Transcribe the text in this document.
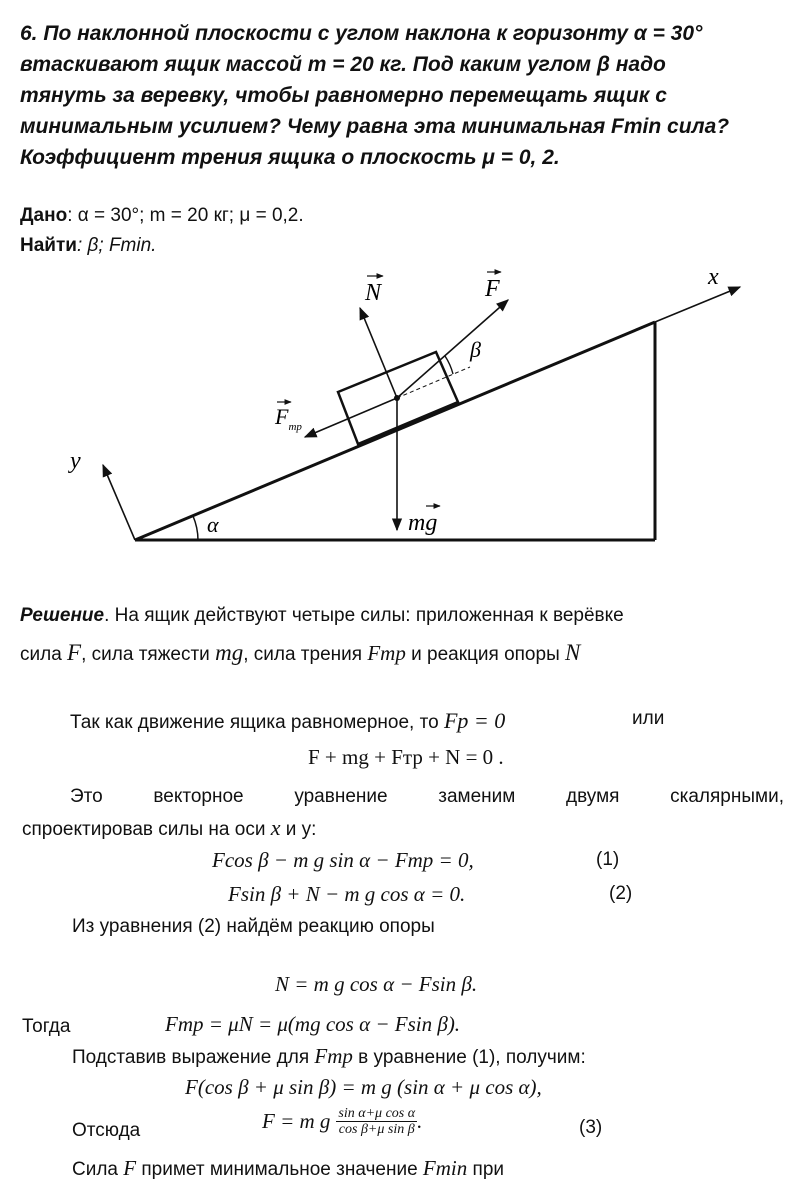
6. По наклонной плоскости с углом наклона к горизонту α = 30°
втаскивают ящик массой m = 20 кг. Под каким углом β надо
тянуть за веревку, чтобы равномерно перемещать ящик с
минимальным усилием? Чему равна эта минимальная Fmin сила?
Коэффициент трения ящика о плоскость μ = 0, 2.
Дано: α = 30°; m = 20 кг; μ = 0,2.
Найти: β; Fmin.
N	F
β
$F_{тр}$
mg
α
x
y
Решение. На ящик действуют четыре силы: приложенная к верёвке
сила F, сила тяжести mg, сила трения Fтр и реакция опоры N
Так как движение ящика равномерное, то Fp = 0	или
F + mg + Fтр + N = 0 .
Это	векторное	уравнение	заменим	двумя	скалярными,
спроектировав силы на оси x и у:
Fcos β − m g sin α − Fтр = 0,	(1)
Fsin β + N − m g cos α = 0.	(2)
Из уравнения (2) найдём реакцию опоры
N = m g cos α − Fsin β.
Тогда	Fтр = μN = μ(mg cos α − Fsin β).
Подставив выражение для Fтр в уравнение (1), получим:
F(cos β + μ sin β) = m g (sin α + μ cos α),
Отсюда	F = m g $\frac{\text{sin α+μ cos α}}{\text{cos β+μ sin β}}$ .	(3)
Сила F примет минимальное значение Fmin при
